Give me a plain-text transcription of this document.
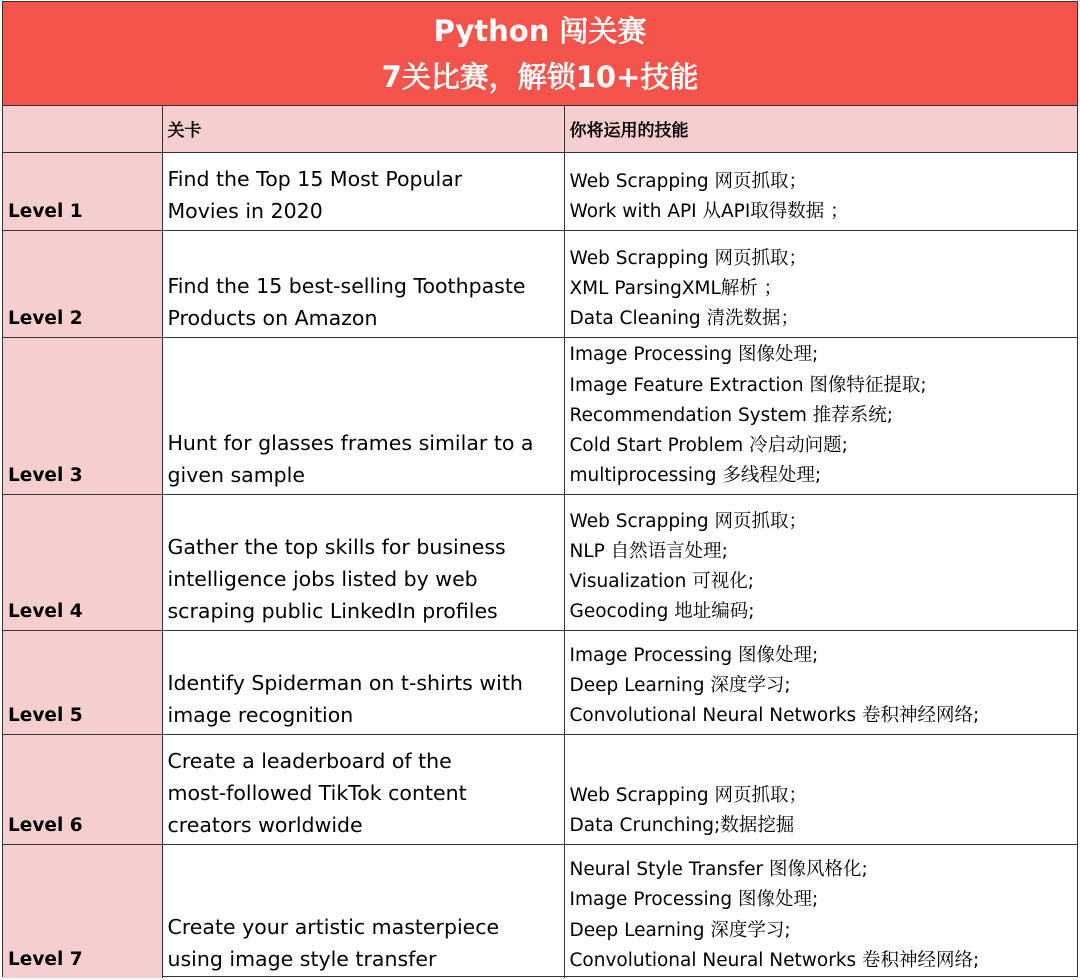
Python 闯关赛
7关比赛，解锁10+技能
	关卡	你将运用的技能
Level 1	Find the Top 15 Most Popular
Movies in 2020	Web Scrapping 网页抓取；
Work with API 从API取得数据 ；

Level 2	Find the 15 best-selling Toothpaste
Products on Amazon	Web Scrapping 网页抓取；
XML ParsingXML解析 ；
Data Cleaning 清洗数据；

Level 3	Hunt for glasses frames similar to a
given sample	Image Processing 图像处理;
Image Feature Extraction 图像特征提取;
Recommendation System 推荐系统;
Cold Start Problem 冷启动问题;
multiprocessing 多线程处理;

Level 4	Gather the top skills for business
intelligence jobs listed by web
scraping public LinkedIn profiles	Web Scrapping 网页抓取；
NLP 自然语言处理;
Visualization 可视化;
Geocoding 地址编码;

Level 5	Identify Spiderman on t-shirts with
image recognition	Image Processing 图像处理;
Deep Learning 深度学习;
Convolutional Neural Networks 卷积神经网络;

Level 6	Create a leaderboard of the
most-followed TikTok content
creators worldwide	Web Scrapping 网页抓取；
Data Crunching;数据挖掘

Level 7	Create your artistic masterpiece
using image style transfer	Neural Style Transfer 图像风格化;
Image Processing 图像处理;
Deep Learning 深度学习;
Convolutional Neural Networks 卷积神经网络;
